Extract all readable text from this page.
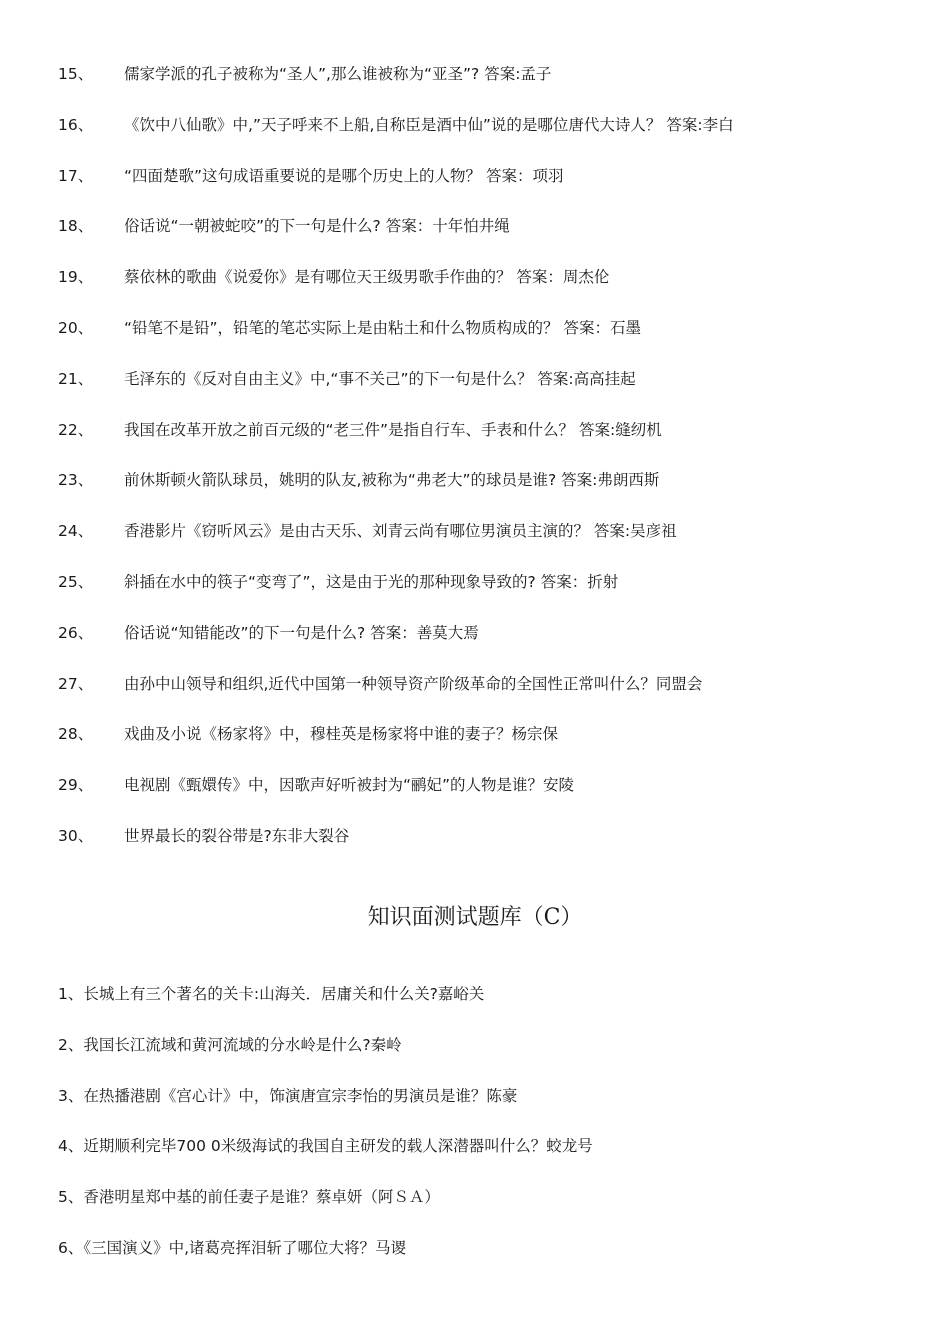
15、	儒家学派的孔子被称为“圣人”,那么谁被称为“亚圣”? 答案:孟子
16、	《饮中八仙歌》中,”天子呼来不上船,自称臣是酒中仙”说的是哪位唐代大诗人？ 答案:李白
17、	“四面楚歌”这句成语重要说的是哪个历史上的人物？ 答案：项羽
18、	俗话说“一朝被蛇咬”的下一句是什么? 答案：十年怕井绳
19、	蔡依林的歌曲《说爱你》是有哪位天王级男歌手作曲的？ 答案：周杰伦
20、	“铅笔不是铅”，铅笔的笔芯实际上是由粘土和什么物质构成的？ 答案：石墨
21、	毛泽东的《反对自由主义》中,“事不关己”的下一句是什么？ 答案:高高挂起
22、	我国在改革开放之前百元级的“老三件”是指自行车、手表和什么？ 答案:缝纫机
23、	前休斯顿火箭队球员，姚明的队友,被称为“弗老大”的球员是谁? 答案:弗朗西斯
24、	香港影片《窃听风云》是由古天乐、刘青云尚有哪位男演员主演的？ 答案:吴彦祖
25、	斜插在水中的筷子“变弯了”，这是由于光的那种现象导致的? 答案：折射
26、	俗话说“知错能改”的下一句是什么? 答案：善莫大焉
27、	由孙中山领导和组织,近代中国第一种领导资产阶级革命的全国性正常叫什么？同盟会
28、	戏曲及小说《杨家将》中，穆桂英是杨家将中谁的妻子？杨宗保
29、	电视剧《甄嬛传》中，因歌声好听被封为“鹂妃”的人物是谁？安陵
30、	世界最长的裂谷带是?东非大裂谷
知识面测试题库（C）
1、长城上有三个著名的关卡:山海关．居庸关和什么关?嘉峪关
2、我国长江流域和黄河流域的分水岭是什么?秦岭
3、在热播港剧《宫心计》中，饰演唐宣宗李怡的男演员是谁？陈豪
4、近期顺利完毕700 0米级海试的我国自主研发的载人深潜器叫什么？蛟龙号
5、香港明星郑中基的前任妻子是谁？蔡卓妍（阿ＳＡ）
6、《三国演义》中,诸葛亮挥泪斩了哪位大将？马谡
